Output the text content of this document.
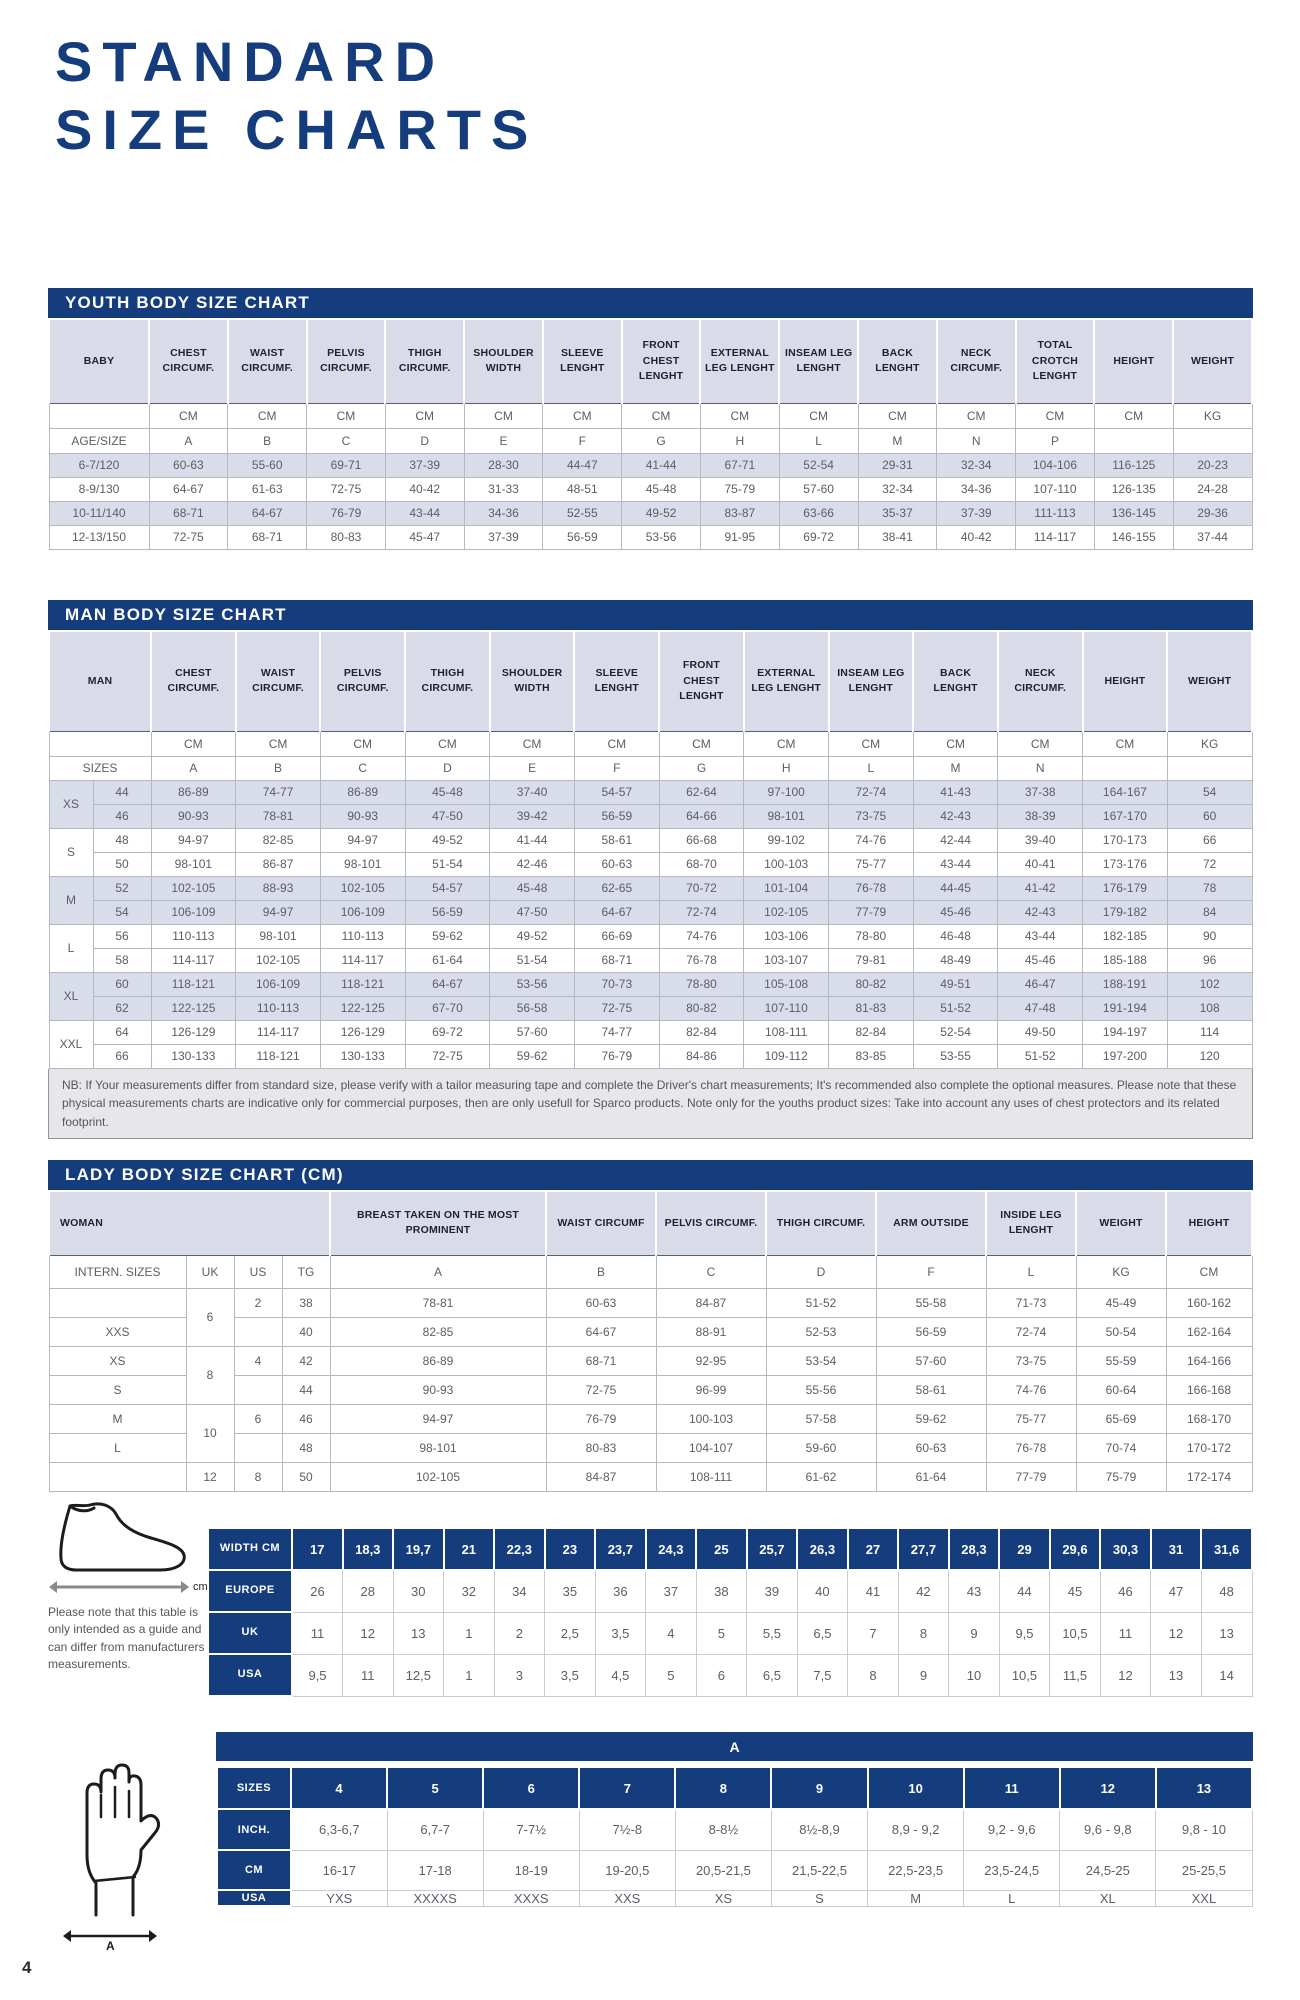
STANDARD
SIZE CHARTS
YOUTH BODY SIZE CHART
BABY	CHEST CIRCUMF.	WAIST CIRCUMF.	PELVIS CIRCUMF.	THIGH CIRCUMF.	SHOULDER WIDTH	SLEEVE LENGHT	FRONT CHEST LENGHT	EXTERNAL LEG LENGHT	INSEAM LEG LENGHT	BACK LENGHT	NECK CIRCUMF.	TOTAL CROTCH LENGHT	HEIGHT	WEIGHT
	CM	CM	CM	CM	CM	CM	CM	CM	CM	CM	CM	CM	CM	KG
AGE/SIZE	A	B	C	D	E	F	G	H	L	M	N	P		
6-7/120	60-63	55-60	69-71	37-39	28-30	44-47	41-44	67-71	52-54	29-31	32-34	104-106	116-125	20-23
8-9/130	64-67	61-63	72-75	40-42	31-33	48-51	45-48	75-79	57-60	32-34	34-36	107-110	126-135	24-28
10-11/140	68-71	64-67	76-79	43-44	34-36	52-55	49-52	83-87	63-66	35-37	37-39	111-113	136-145	29-36
12-13/150	72-75	68-71	80-83	45-47	37-39	56-59	53-56	91-95	69-72	38-41	40-42	114-117	146-155	37-44
MAN BODY SIZE CHART
MAN		CHEST CIRCUMF.	WAIST CIRCUMF.	PELVIS CIRCUMF.	THIGH CIRCUMF.	SHOULDER WIDTH	SLEEVE LENGHT	FRONT CHEST LENGHT	EXTERNAL LEG LENGHT	INSEAM LEG LENGHT	BACK LENGHT	NECK CIRCUMF.	HEIGHT	WEIGHT
		CM	CM	CM	CM	CM	CM	CM	CM	CM	CM	CM	CM	KG
SIZES		A	B	C	D	E	F	G	H	L	M	N		
XS	44	86-89	74-77	86-89	45-48	37-40	54-57	62-64	97-100	72-74	41-43	37-38	164-167	54
	46	90-93	78-81	90-93	47-50	39-42	56-59	64-66	98-101	73-75	42-43	38-39	167-170	60
S	48	94-97	82-85	94-97	49-52	41-44	58-61	66-68	99-102	74-76	42-44	39-40	170-173	66
	50	98-101	86-87	98-101	51-54	42-46	60-63	68-70	100-103	75-77	43-44	40-41	173-176	72
M	52	102-105	88-93	102-105	54-57	45-48	62-65	70-72	101-104	76-78	44-45	41-42	176-179	78
	54	106-109	94-97	106-109	56-59	47-50	64-67	72-74	102-105	77-79	45-46	42-43	179-182	84
L	56	110-113	98-101	110-113	59-62	49-52	66-69	74-76	103-106	78-80	46-48	43-44	182-185	90
	58	114-117	102-105	114-117	61-64	51-54	68-71	76-78	103-107	79-81	48-49	45-46	185-188	96
XL	60	118-121	106-109	118-121	64-67	53-56	70-73	78-80	105-108	80-82	49-51	46-47	188-191	102
	62	122-125	110-113	122-125	67-70	56-58	72-75	80-82	107-110	81-83	51-52	47-48	191-194	108
XXL	64	126-129	114-117	126-129	69-72	57-60	74-77	82-84	108-111	82-84	52-54	49-50	194-197	114
	66	130-133	118-121	130-133	72-75	59-62	76-79	84-86	109-112	83-85	53-55	51-52	197-200	120
NB: If Your measurements differ from standard size, please verify with a tailor measuring tape and complete the Driver's chart measurements; It's recommended also complete the optional measures. Please note that these physical measurements charts are indicative only for commercial purposes, then are only usefull for Sparco products. Note only for the youths product sizes: Take into account any uses of chest protectors and its related footprint.
LADY BODY SIZE CHART (CM)
WOMAN				BREAST TAKEN ON THE MOST PROMINENT	WAIST CIRCUMF	PELVIS CIRCUMF.	THIGH CIRCUMF.	ARM OUTSIDE	INSIDE LEG LENGHT	WEIGHT	HEIGHT
INTERN. SIZES	UK	US	TG	A	B	C	D	F	L	KG	CM
	6	2	38	78-81	60-63	84-87	51-52	55-58	71-73	45-49	160-162
XXS			40	82-85	64-67	88-91	52-53	56-59	72-74	50-54	162-164
XS	8	4	42	86-89	68-71	92-95	53-54	57-60	73-75	55-59	164-166
S			44	90-93	72-75	96-99	55-56	58-61	74-76	60-64	166-168
M	10	6	46	94-97	76-79	100-103	57-58	59-62	75-77	65-69	168-170
L			48	98-101	80-83	104-107	59-60	60-63	76-78	70-74	170-172
	12	8	50	102-105	84-87	108-111	61-62	61-64	77-79	75-79	172-174
cm

Please note that this table is only intended as a guide and can differ from manufacturers measurements.

WIDTH CM	17	18,3	19,7	21	22,3	23	23,7	24,3	25	25,7	26,3	27	27,7	28,3	29	29,6	30,3	31	31,6
EUROPE	26	28	30	32	34	35	36	37	38	39	40	41	42	43	44	45	46	47	48
UK	11	12	13	1	2	2,5	3,5	4	5	5,5	6,5	7	8	9	9,5	10,5	11	12	13
USA	9,5	11	12,5	1	3	3,5	4,5	5	6	6,5	7,5	8	9	10	10,5	11,5	12	13	14
A
A
SIZES	4	5	6	7	8	9	10	11	12	13
INCH.	6,3-6,7	6,7-7	7-7½	7½-8	8-8½	8½-8,9	8,9 - 9,2	9,2 - 9,6	9,6 - 9,8	9,8 - 10
CM	16-17	17-18	18-19	19-20,5	20,5-21,5	21,5-22,5	22,5-23,5	23,5-24,5	24,5-25	25-25,5
USA	YXS	XXXXS	XXXS	XXS	XS	S	M	L	XL	XXL
4
